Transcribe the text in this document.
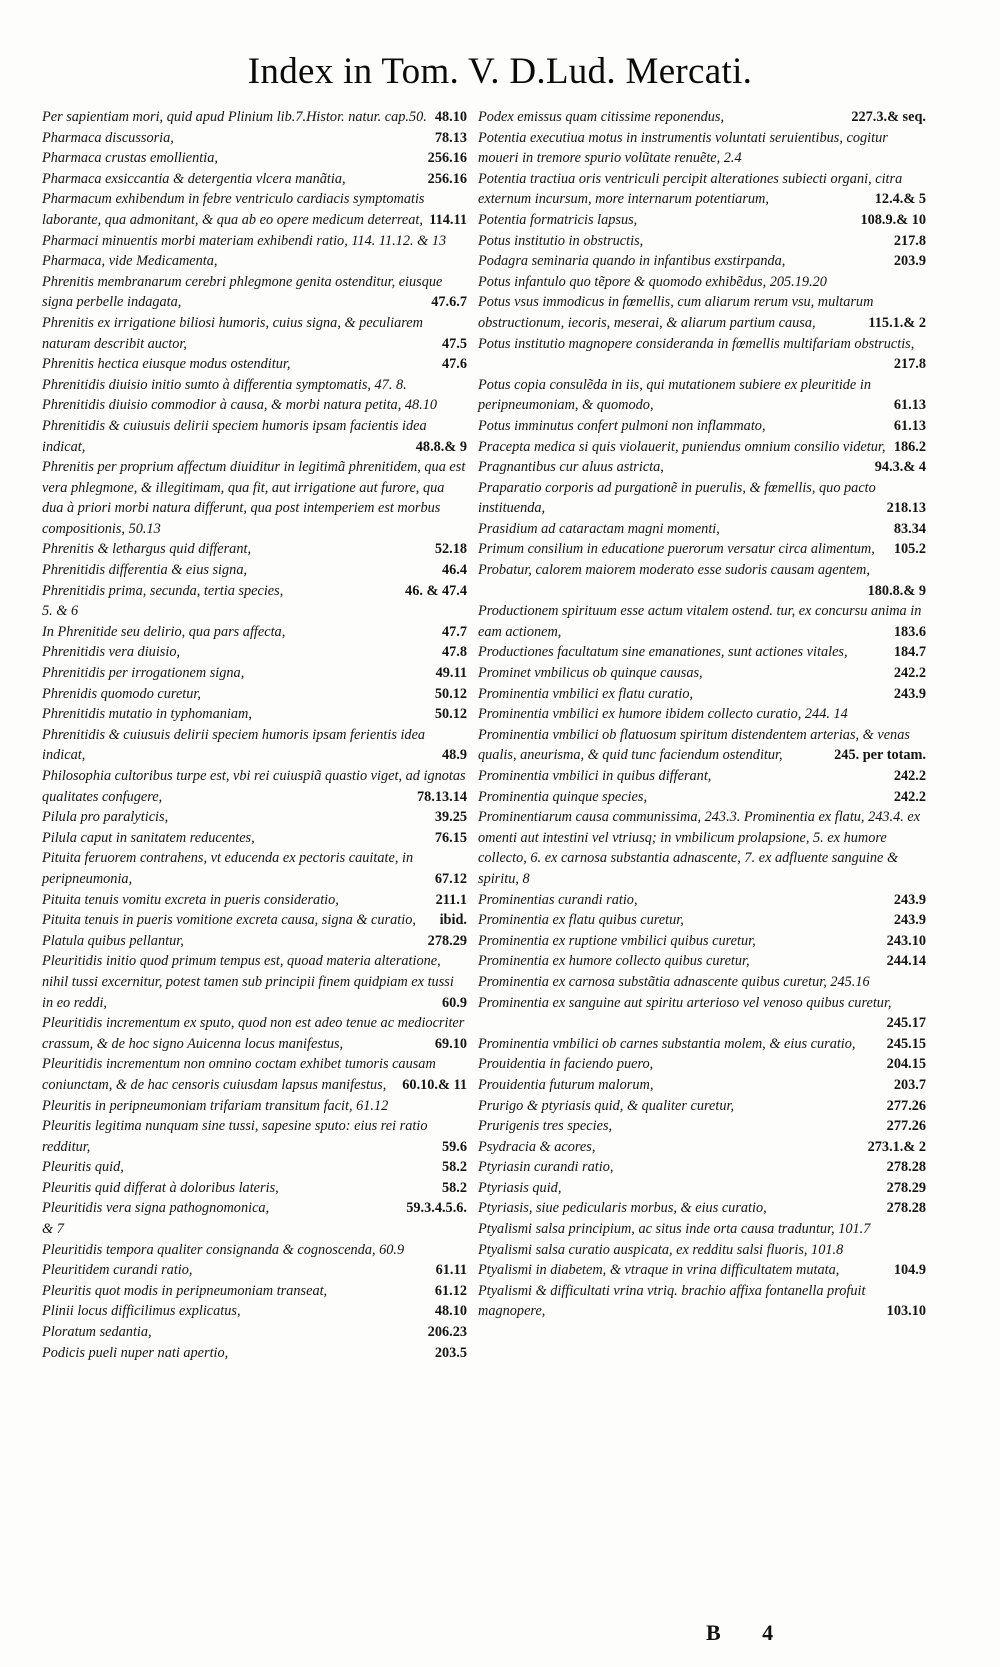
Index in Tom. V. D.Lud. Mercati.

Per sapientiam mori, quid apud Plinium lib.7.Histor. natur. cap.50. 48.10

Pharmaca discussoria,	78.13

Pharmaca crustas emollientia,	256.16

Pharmaca exsiccantia & detergentia vlcera manãtia,	256.16

Pharmacum exhibendum in febre ventriculo cardiacis symptomatis laborante, qua admonitant, & qua ab eo opere medicum deterreat, 114.11

Pharmaci minuentis morbi materiam exhibendi ratio, 114. 11.12. & 13

Pharmaca, vide Medicamenta,

Phrenitis membranarum cerebri phlegmone genita ostenditur, eiusque signa perbelle indagata,	47.6.7

Phrenitis ex irrigatione biliosi humoris, cuius signa, & peculiarem naturam describit auctor,	47.5

Phrenitis hectica eiusque modus ostenditur,	47.6

Phrenitidis diuisio initio sumto à differentia symptomatis, 47. 8.

Phrenitidis diuisio commodior à causa, & morbi natura petita, 48.10

Phrenitidis & cuiusuis delirii speciem humoris ipsam facientis idea indicat,	48.8.& 9

Phrenitis per proprium affectum diuiditur in legitimã phrenitidem, qua est vera phlegmone, & illegitimam, qua fit, aut irrigatione aut furore, qua dua à priori morbi natura differunt, qua post intemperiem est morbus compositionis, 50.13

Phrenitis & lethargus quid differant,	52.18

Phrenitidis differentia & eius signa,	46.4

Phrenitidis prima, secunda, tertia species,	46. & 47.4

5. & 6

In Phrenitide seu delirio, qua pars affecta,	47.7

Phrenitidis vera diuisio,	47.8

Phrenitidis per irrogationem signa,	49.11

Phrenidis quomodo curetur,	50.12

Phrenitidis mutatio in typhomaniam,	50.12

Phrenitidis & cuiusuis delirii speciem humoris ipsam ferientis idea indicat,	48.9

Philosophia cultoribus turpe est, vbi rei cuiuspiã quastio viget, ad ignotas qualitates confugere,	78.13.14

Pilula pro paralyticis,	39.25

Pilula caput in sanitatem reducentes,	76.15

Pituita feruorem contrahens, vt educenda ex pectoris cauitate, in peripneumonia,	67.12

Pituita tenuis vomitu excreta in pueris consideratio,	211.1

Pituita tenuis in pueris vomitione excreta causa, signa & curatio,	ibid.

Platula quibus pellantur,	278.29

Pleuritidis initio quod primum tempus est, quoad materia alteratione, nihil tussi excernitur, potest tamen sub principii finem quidpiam ex tussi in eo reddi,	60.9

Pleuritidis incrementum ex sputo, quod non est adeo tenue ac mediocriter crassum, & de hoc signo Auicenna locus manifestus,	69.10

Pleuritidis incrementum non omnino coctam exhibet tumoris causam coniunctam, & de hac censoris cuiusdam lapsus manifestus,	60.10.& 11

Pleuritis in peripneumoniam trifariam transitum facit, 61.12

Pleuritis legitima nunquam sine tussi, sapesine sputo: eius rei ratio redditur,	59.6

Pleuritis quid,	58.2

Pleuritis quid differat à doloribus lateris,	58.2

Pleuritidis vera signa pathognomonica,	59.3.4.5.6.

& 7

Pleuritidis tempora qualiter consignanda & cognoscenda, 60.9

Pleuritidem curandi ratio,	61.11

Pleuritis quot modis in peripneumoniam transeat,	61.12

Plinii locus difficilimus explicatus,	48.10

Ploratum sedantia,	206.23

Podicis pueli nuper nati apertio,	203.5

Podex emissus quam citissime reponendus,	227.3.& seq.

Potentia executiua motus in instrumentis voluntati seruientibus, cogitur moueri in tremore spurio volũtate renuẽte, 2.4

Potentia tractiua oris ventriculi percipit alterationes subiecti organi, citra externum incursum, more internarum potentiarum,	12.4.& 5

Potentia formatricis lapsus,	108.9.& 10

Potus institutio in obstructis,	217.8

Podagra seminaria quando in infantibus exstirpanda,	203.9

Potus infantulo quo tẽpore & quomodo exhibẽdus, 205.19.20

Potus vsus immodicus in fœmellis, cum aliarum rerum vsu, multarum obstructionum, iecoris, meserai, & aliarum partium causa,	115.1.& 2

Potus institutio magnopere consideranda in fœmellis multifariam obstructis,
217.8

Potus copia consulẽda in iis, qui mutationem subiere ex pleuritide in peripneumoniam, & quomodo,	61.13

Potus imminutus confert pulmoni non inflammato,	61.13

Pracepta medica si quis violauerit, puniendus omnium consilio videtur, 186.2

Pragnantibus cur aluus astricta,	94.3.& 4

Praparatio corporis ad purgationẽ in puerulis, & fœmellis, quo pacto instituenda,	218.13

Prasidium ad cataractam magni momenti,	83.34

Primum consilium in educatione puerorum versatur circa alimentum,	105.2

Probatur, calorem maiorem moderato esse sudoris causam agentem,
180.8.& 9

Productionem spirituum esse actum vitalem ostend. tur, ex concursu anima in eam actionem,	183.6

Productiones facultatum sine emanationes, sunt actiones vitales,	184.7

Prominet vmbilicus ob quinque causas,	242.2

Prominentia vmbilici ex flatu curatio,	243.9

Prominentia vmbilici ex humore ibidem collecto curatio, 244. 14

Prominentia vmbilici ob flatuosum spiritum distendentem arterias, & venas qualis, aneurisma, & quid tunc faciendum ostenditur,	245. per totam.

Prominentia vmbilici in quibus differant,	242.2

Prominentia quinque species,	242.2

Prominentiarum causa communissima, 243.3. Prominentia ex flatu, 243.4. ex omenti aut intestini vel vtriusq; in vmbilicum prolapsione, 5. ex humore collecto, 6. ex carnosa substantia adnascente, 7. ex adfluente sanguine & spiritu, 8

Prominentias curandi ratio,	243.9

Prominentia ex flatu quibus curetur,	243.9

Prominentia ex ruptione vmbilici quibus curetur,	243.10

Prominentia ex humore collecto quibus curetur,	244.14

Prominentia ex carnosa substãtia adnascente quibus curetur, 245.16

Prominentia ex sanguine aut spiritu arterioso vel venoso quibus curetur,
245.17

Prominentia vmbilici ob carnes substantia molem, & eius curatio,	245.15

Prouidentia in faciendo puero,	204.15

Prouidentia futurum malorum,	203.7

Prurigo & ptyriasis quid, & qualiter curetur,	277.26

Prurigenis tres species,	277.26

Psydracia & acores,	273.1.& 2

Ptyriasin curandi ratio,	278.28

Ptyriasis quid,	278.29

Ptyriasis, siue pedicularis morbus, & eius curatio,	278.28

Ptyalismi salsa principium, ac situs inde orta causa traduntur, 101.7

Ptyalismi salsa curatio auspicata, ex redditu salsi fluoris, 101.8

Ptyalismi in diabetem, & vtraque in vrina difficultatem mutata,	104.9

Ptyalismi & difficultati vrina vtriq. brachio affixa fontanella profuit magnopere,	103.10

B 4
